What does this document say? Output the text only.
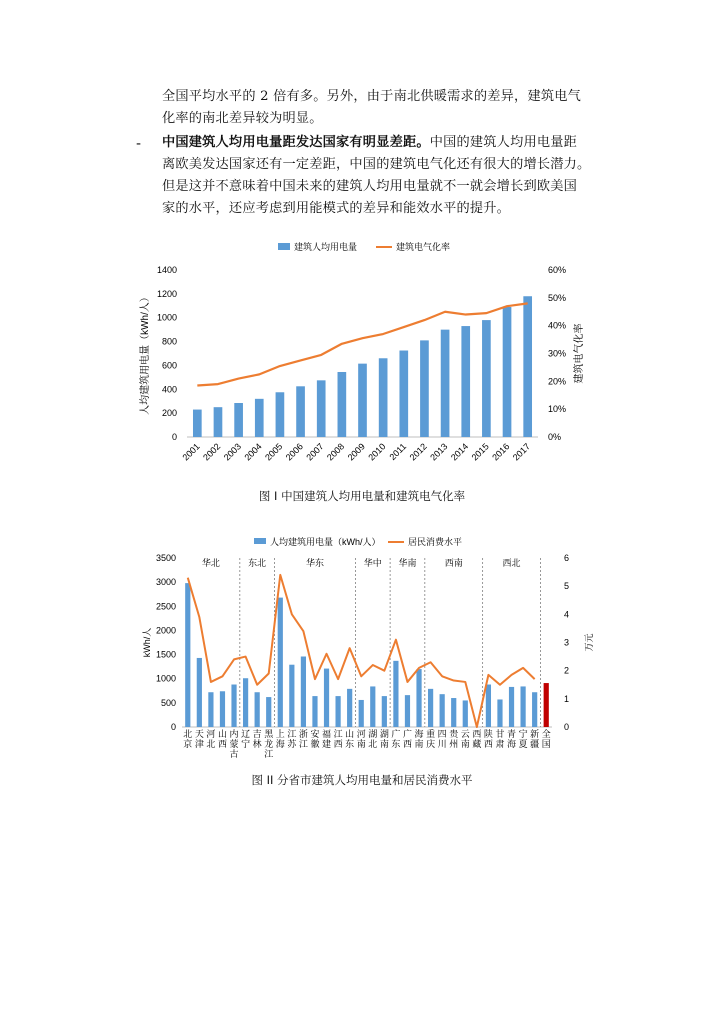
全国平均水平的 2 倍有多。另外，由于南北供暖需求的差异，建筑电气

化率的南北差异较为明显。

- 中国建筑人均用电量距发达国家有明显差距。中国的建筑人均用电量距

离欧美发达国家还有一定差距，中国的建筑电气化还有很大的增长潜力。

但是这并不意味着中国未来的建筑人均用电量就不一就会增长到欧美国

家的水平，还应考虑到用能模式的差异和能效水平的提升。

建筑人均用电量	建筑电气化率
0
200
400
600
800
1000
1200
1400
0%
10%
20%
30%
40%
50%
60%
人均建筑用电量（kWh/人）	建筑电气化率
2001 2002 2003 2004 2005 2006 2007 2008 2009 2010 2011 2012 2013 2014 2015 2016 2017
图 I 中国建筑人均用电量和建筑电气化率
人均建筑用电量（kWh/人）	居民消费水平
0
500
1000
1500
2000
2500
3000
3500
0
1
2
3
4
5
6
kWh/人	万元
华北	东北	华东	华中 华南	西南	西北
北京
天津
河北
山西
内蒙古
辽宁
吉林
黑龙江
上海
江苏
浙江
安徽
福建
江西
山东
河南
湖北
湖南
广东
广西
海南
重庆
四川
贵州
云南
西藏
陕西
甘肃
青海
宁夏
新疆
全国
图 II 分省市建筑人均用电量和居民消费水平
